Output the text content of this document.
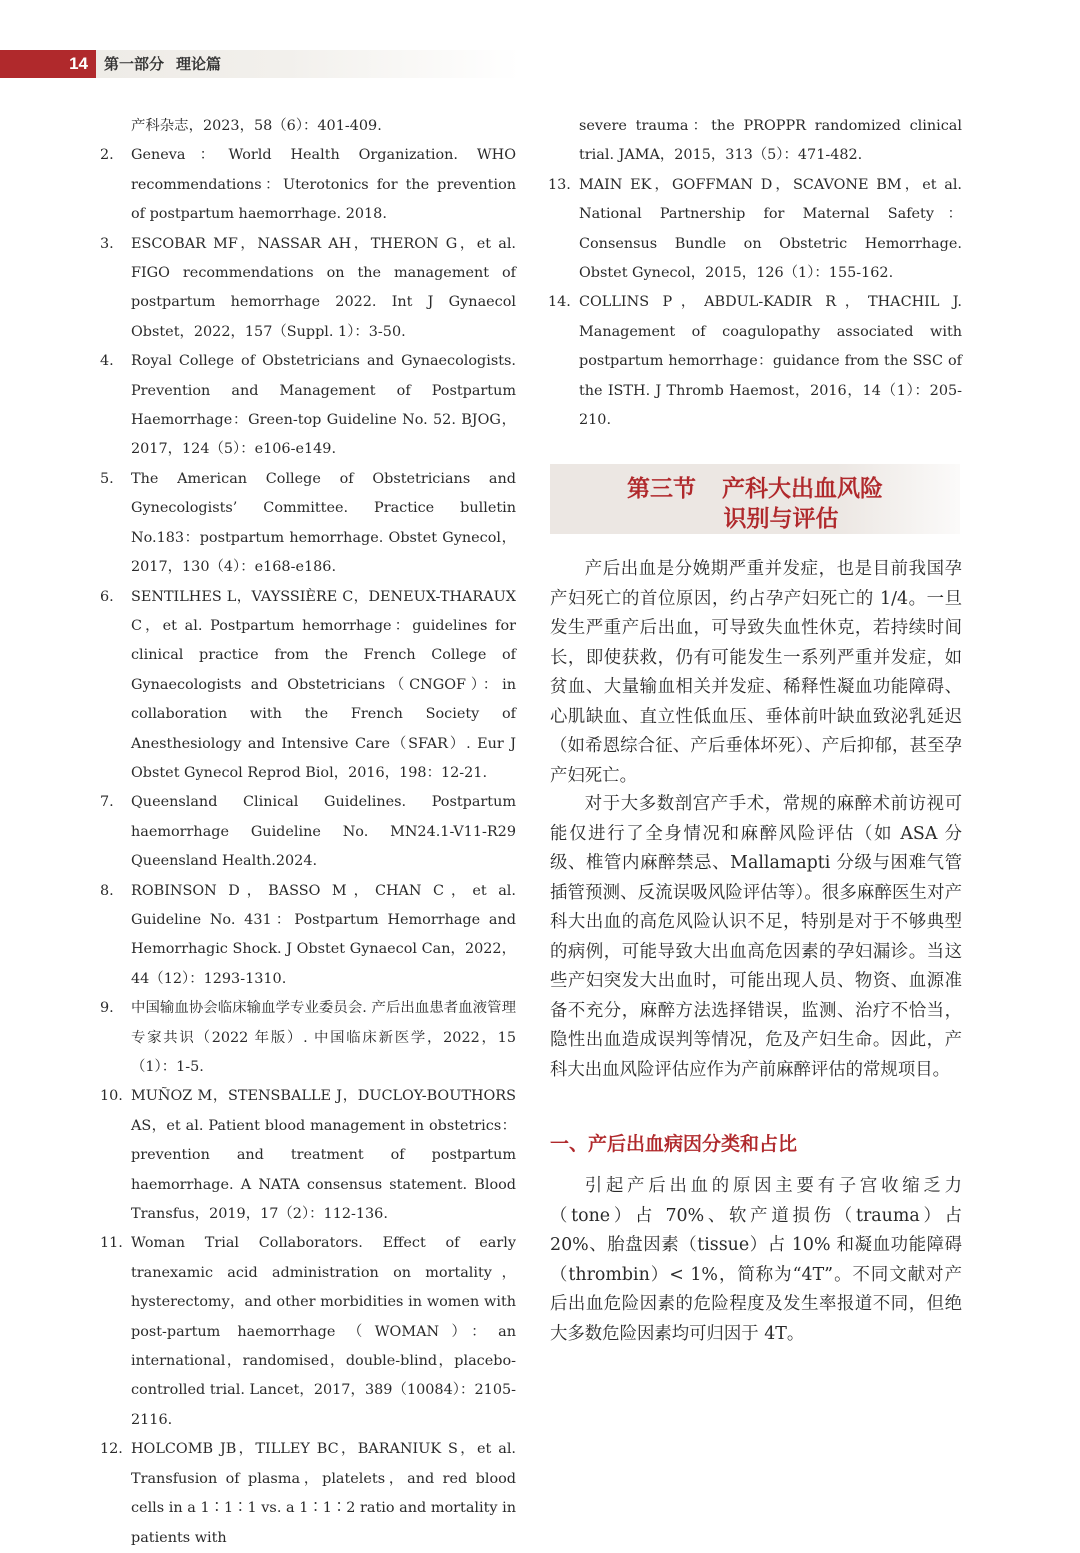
14	第一部分 理论篇
产科杂志，2023，58（6）：401-409.
2.	Geneva：World Health Organization. WHO recommendations：Uterotonics for the prevention of postpartum haemorrhage. 2018.
3.	ESCOBAR MF，NASSAR AH，THERON G，et al. FIGO recommendations on the management of postpartum hemorrhage 2022. Int J Gynaecol Obstet，2022，157（Suppl. 1）：3-50.
4.	Royal College of Obstetricians and Gynaecologists. Prevention and Management of Postpartum Haemorrhage：Green-top Guideline No. 52. BJOG，2017，124（5）：e106-e149.
5.	The American College of Obstetricians and Gynecologists’ Committee. Practice bulletin No.183：postpartum hemorrhage. Obstet Gynecol，2017，130（4）：e168-e186.
6.	SENTILHES L，VAYSSIÈRE C，DENEUX-THARAUX C，et al. Postpartum hemorrhage：guidelines for clinical practice from the French College of Gynaecologists and Obstetricians（CNGOF）：in collaboration with the French Society of Anesthesiology and Intensive Care（SFAR）. Eur J Obstet Gynecol Reprod Biol，2016，198：12-21.
7.	Queensland Clinical Guidelines. Postpartum haemorrhage Guideline No. MN24.1-V11-R29 Queensland Health.2024.
8.	ROBINSON D，BASSO M，CHAN C，et al. Guideline No. 431：Postpartum Hemorrhage and Hemorrhagic Shock. J Obstet Gynaecol Can，2022，44（12）：1293-1310.
9.	中国输血协会临床输血学专业委员会. 产后出血患者血液管理专家共识（2022 年版）. 中国临床新医学，2022，15（1）：1-5.
10. MUÑOZ M，STENSBALLE J，DUCLOY-BOUTHORS AS，et al. Patient blood management in obstetrics：prevention and treatment of postpartum haemorrhage. A NATA consensus statement. Blood Transfus，2019，17（2）：112-136.
11. Woman Trial Collaborators. Effect of early tranexamic acid administration on mortality，hysterectomy，and other morbidities in women with post-partum haemorrhage（WOMAN）：an international，randomised，double-blind，placebo-controlled trial. Lancet，2017，389（10084）：2105-2116.
12. HOLCOMB JB，TILLEY BC，BARANIUK S，et al. Transfusion of plasma，platelets，and red blood cells in a 1∶1∶1 vs. a 1∶1∶2 ratio and mortality in patients with
severe trauma：the PROPPR randomized clinical trial. JAMA，2015，313（5）：471-482.
13. MAIN EK，GOFFMAN D，SCAVONE BM，et al. National Partnership for Maternal Safety：Consensus Bundle on Obstetric Hemorrhage. Obstet Gynecol，2015，126（1）：155-162.
14. COLLINS P，ABDUL-KADIR R，THACHIL J. Management of coagulopathy associated with postpartum hemorrhage：guidance from the SSC of the ISTH. J Thromb Haemost，2016，14（1）：205-210.
第三节 产科大出血风险
识别与评估

产后出血是分娩期严重并发症，也是目前我国孕产妇死亡的首位原因，约占孕产妇死亡的 1/4。一旦发生严重产后出血，可导致失血性休克，若持续时间长，即使获救，仍有可能发生一系列严重并发症，如贫血、大量输血相关并发症、稀释性凝血功能障碍、心肌缺血、直立性低血压、垂体前叶缺血致泌乳延迟（如希恩综合征、产后垂体坏死）、产后抑郁，甚至孕产妇死亡。

对于大多数剖宫产手术，常规的麻醉术前访视可能仅进行了全身情况和麻醉风险评估（如 ASA 分级、椎管内麻醉禁忌、Mallamapti 分级与困难气管插管预测、反流误吸风险评估等）。很多麻醉医生对产科大出血的高危风险认识不足，特别是对于不够典型的病例，可能导致大出血高危因素的孕妇漏诊。当这些产妇突发大出血时，可能出现人员、物资、血源准备不充分，麻醉方法选择错误，监测、治疗不恰当，隐性出血造成误判等情况，危及产妇生命。因此，产科大出血风险评估应作为产前麻醉评估的常规项目。

一、产后出血病因分类和占比

引起产后出血的原因主要有子宫收缩乏力（tone）占 70%、软产道损伤（trauma）占 20%、胎盘因素（tissue）占 10% 和凝血功能障碍（thrombin）< 1%，简称为“4T”。不同文献对产后出血危险因素的危险程度及发生率报道不同，但绝大多数危险因素均可归因于 4T。
